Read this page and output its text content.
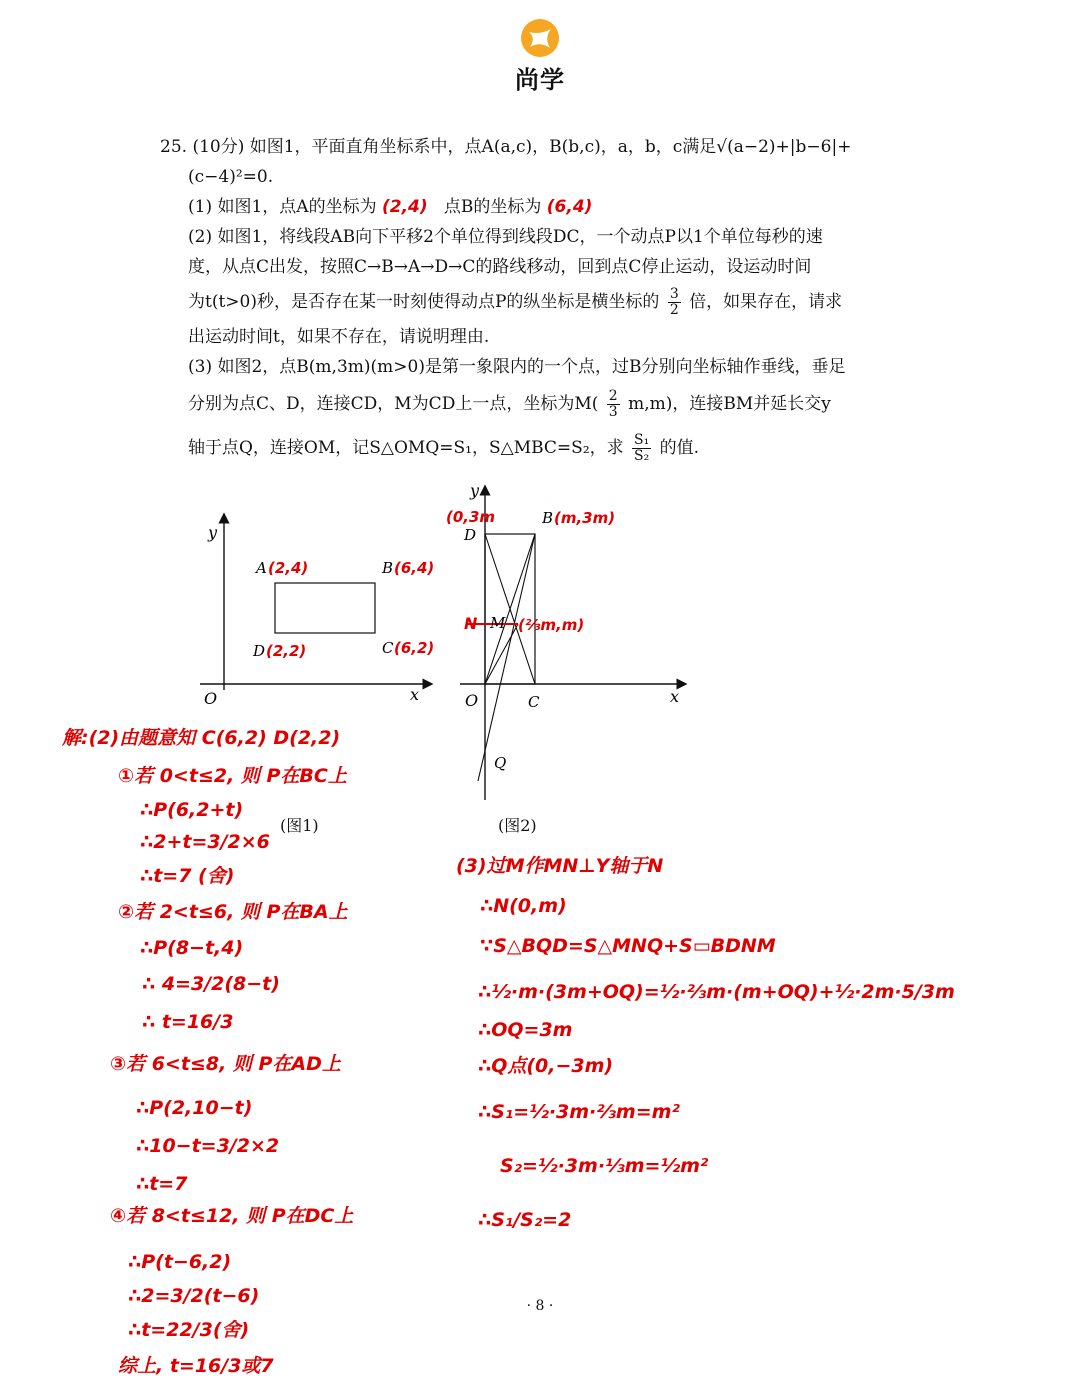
尚学
25. (10分) 如图1，平面直角坐标系中，点A(a,c)，B(b,c)，a，b，c满足√(a−2)+|b−6|+
(c−4)²=0.
(1) 如图1，点A的坐标为 (2,4) 点B的坐标为 (6,4)
(2) 如图1，将线段AB向下平移2个单位得到线段DC，一个动点P以1个单位每秒的速
度，从点C出发，按照C→B→A→D→C的路线移动，回到点C停止运动，设运动时间
为t(t>0)秒，是否存在某一时刻使得动点P的纵坐标是横坐标的 $\frac{3}{2}$ 倍，如果存在，请求
出运动时间t，如果不存在，请说明理由.
(3) 如图2，点B(m,3m)(m>0)是第一象限内的一个点，过B分别向坐标轴作垂线，垂足
分别为点C、D，连接CD，M为CD上一点，坐标为$M( \frac{2}{3} m,m)$，连接BM并延长交y
轴于点Q，连接OM，记S△OMQ=S₁，S△MBC=S₂，求 $\frac{\text{S₁}}{\text{S₂}}$ 的值.
y
x
O
A (2,4)	B (6,4)
D (2,2)	C (6,2)
(图1)
y
x
O
(0,3m
D
B (m,3m)
N M (⅔m,m)
C
Q
(图2)
解:(2)由题意知 C(6,2) D(2,2)
①若 0<t≤2, 则 P在BC上
∴P(6,2+t)
∴2+t=3/2×6
∴t=7 (舍)
②若 2<t≤6, 则 P在BA上
∴P(8−t,4)
∴ 4=3/2(8−t)
∴ t=16/3
③若 6<t≤8, 则 P在AD上
∴P(2,10−t)
∴10−t=3/2×2
∴t=7
④若 8<t≤12, 则 P在DC上
∴P(t−6,2)
∴2=3/2(t−6)
∴t=22/3(舍)
综上, t=16/3或7
(3)过M作MN⊥Y轴于N
∴N(0,m)
∵S△BQD=S△MNQ+S▭BDNM
∴½·m·(3m+OQ)=½·⅔m·(m+OQ)+½·2m·5/3m
∴OQ=3m
∴Q点(0,−3m)
∴S₁=½·3m·⅔m=m²
S₂=½·3m·⅓m=½m²
∴S₁/S₂=2
· 8 ·
